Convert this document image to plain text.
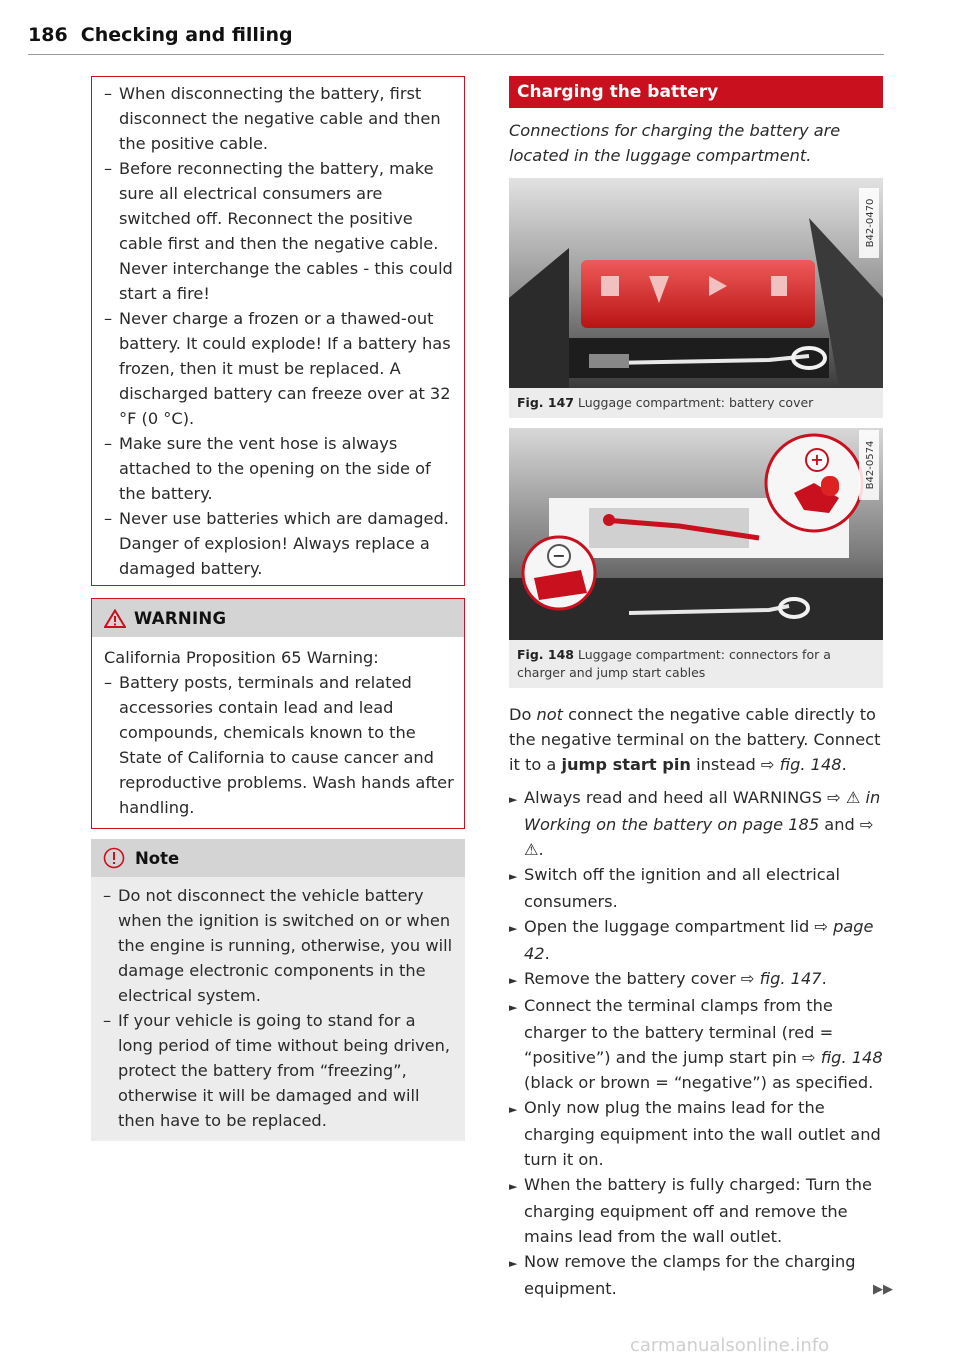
186 Checking and filling
– When disconnecting the battery, first disconnect the negative cable and then the positive cable.
– Before reconnecting the battery, make sure all electrical consumers are switched off. Reconnect the positive cable first and then the negative cable. Never interchange the cables - this could start a fire!
– Never charge a frozen or a thawed-out battery. It could explode! If a battery has frozen, then it must be replaced. A discharged battery can freeze over at 32 °F (0 °C).
– Make sure the vent hose is always attached to the opening on the side of the battery.
– Never use batteries which are damaged. Danger of explosion! Always replace a damaged battery.
WARNING
California Proposition 65 Warning:
– Battery posts, terminals and related accessories contain lead and lead compounds, chemicals known to the State of California to cause cancer and reproductive problems. Wash hands after handling.
Note
– Do not disconnect the vehicle battery when the ignition is switched on or when the engine is running, otherwise, you will damage electronic components in the electrical system.
– If your vehicle is going to stand for a long period of time without being driven, protect the battery from “freezing”, otherwise it will be damaged and will then have to be replaced.
Charging the battery
Connections for charging the battery are located in the luggage compartment.
B42-0470
Fig. 147 Luggage compartment: battery cover
+
−
B42-0574
Fig. 148 Luggage compartment: connectors for a charger and jump start cables
Do not connect the negative cable directly to the negative terminal on the battery. Connect it to a jump start pin instead ⇨ fig. 148.
► Always read and heed all WARNINGS ⇨ ⚠ in Working on the battery on page 185 and ⇨ ⚠.
► Switch off the ignition and all electrical consumers.
► Open the luggage compartment lid ⇨ page 42.
► Remove the battery cover ⇨ fig. 147.
► Connect the terminal clamps from the charger to the battery terminal (red = “positive”) and the jump start pin ⇨ fig. 148 (black or brown = “negative”) as specified.
► Only now plug the mains lead for the charging equipment into the wall outlet and turn it on.
► When the battery is fully charged: Turn the charging equipment off and remove the mains lead from the wall outlet.
► Now remove the clamps for the charging equipment.	▶▶
carmanualsonline.info
